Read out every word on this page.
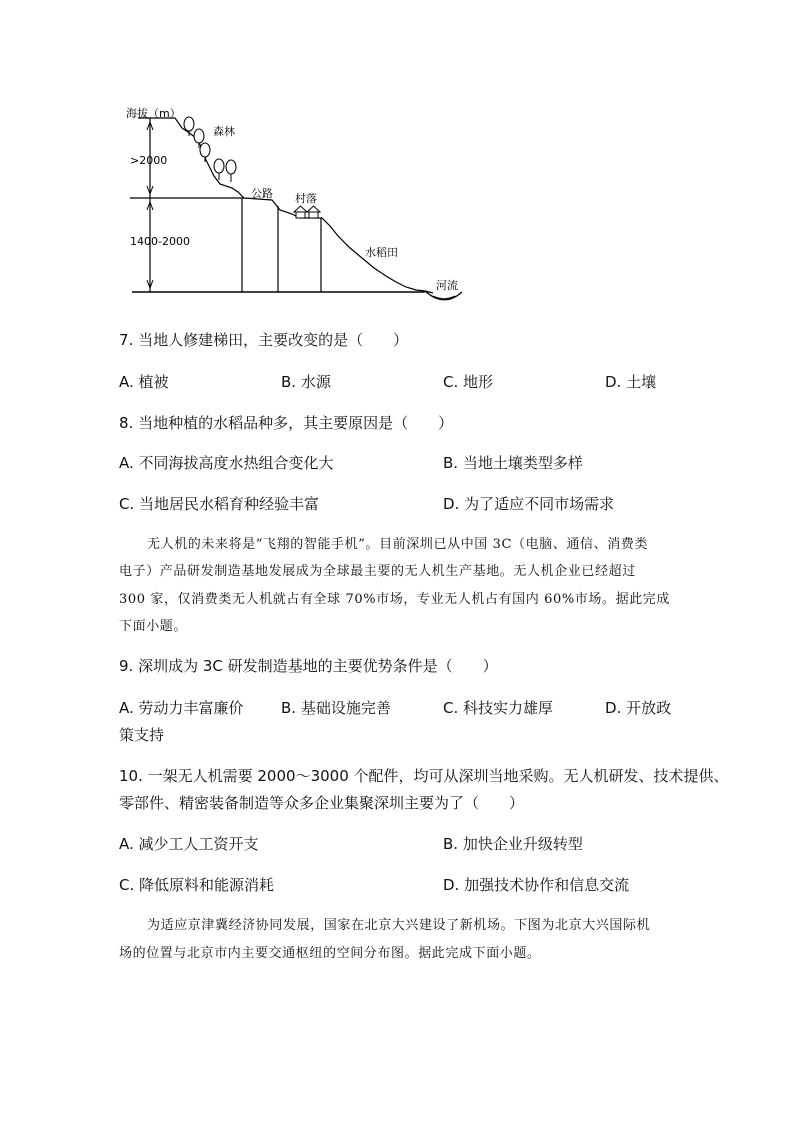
海拔（m）
>2000
1400-2000
森林
公路 村落
水稻田
河流
7. 当地人修建梯田，主要改变的是（　　）
A. 植被	B. 水源	C. 地形	D. 土壤
8. 当地种植的水稻品种多，其主要原因是（　　）
A. 不同海拔高度水热组合变化大	B. 当地土壤类型多样
C. 当地居民水稻育种经验丰富	D. 为了适应不同市场需求
无人机的未来将是“飞翔的智能手机”。目前深圳已从中国 3C（电脑、通信、消费类
电子）产品研发制造基地发展成为全球最主要的无人机生产基地。无人机企业已经超过
300 家，仅消费类无人机就占有全球 70%市场，专业无人机占有国内 60%市场。据此完成
下面小题。
9. 深圳成为 3C 研发制造基地的主要优势条件是（　　）
A. 劳动力丰富廉价 B. 基础设施完善	C. 科技实力雄厚	D. 开放政
策支持
10. 一架无人机需要 2000～3000 个配件，均可从深圳当地采购。无人机研发、技术提供、
零部件、精密装备制造等众多企业集聚深圳主要为了（　　）
A. 减少工人工资开支	B. 加快企业升级转型
C. 降低原料和能源消耗	D. 加强技术协作和信息交流
为适应京津冀经济协同发展，国家在北京大兴建设了新机场。下图为北京大兴国际机
场的位置与北京市内主要交通枢纽的空间分布图。据此完成下面小题。
